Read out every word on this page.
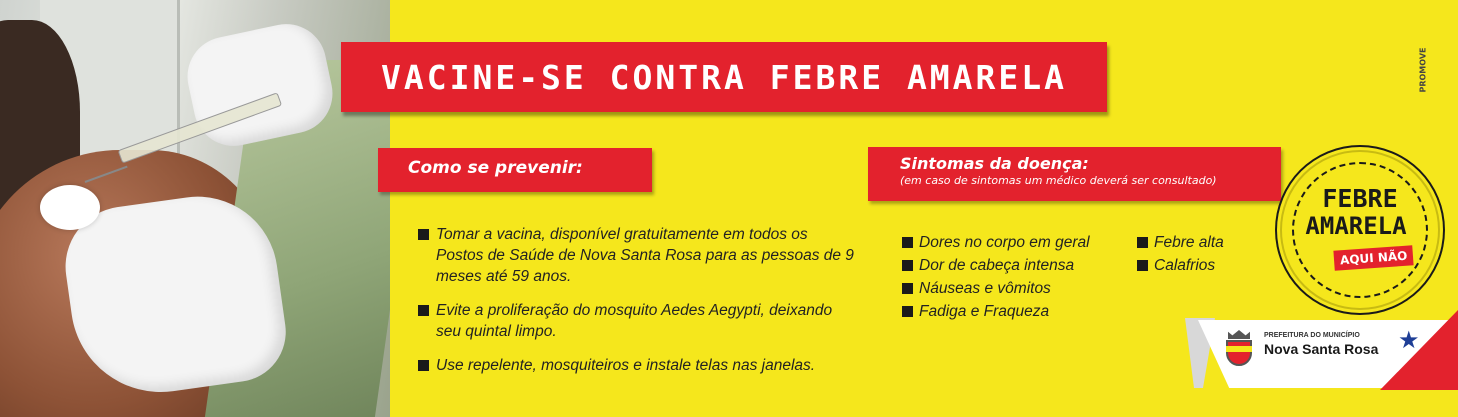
VACINE-SE CONTRA FEBRE AMARELA
Como se prevenir:
Tomar a vacina, disponível gratuitamente em todos os Postos de Saúde de Nova Santa Rosa para as pessoas de 9 meses até 59 anos.
Evite a proliferação do mosquito Aedes Aegypti, deixando seu quintal limpo.
Use repelente, mosquiteiros e instale telas nas janelas.
Sintomas da doença:
(em caso de sintomas um médico deverá ser consultado)
Dores no corpo em geral
Dor de cabeça intensa
Náuseas e vômitos
Fadiga e Fraqueza
Febre alta
Calafrios
FEBRE
AMARELA
AQUI NÃO
PROMOVE
PREFEITURA DO MUNICÍPIO
Nova Santa Rosa ★
